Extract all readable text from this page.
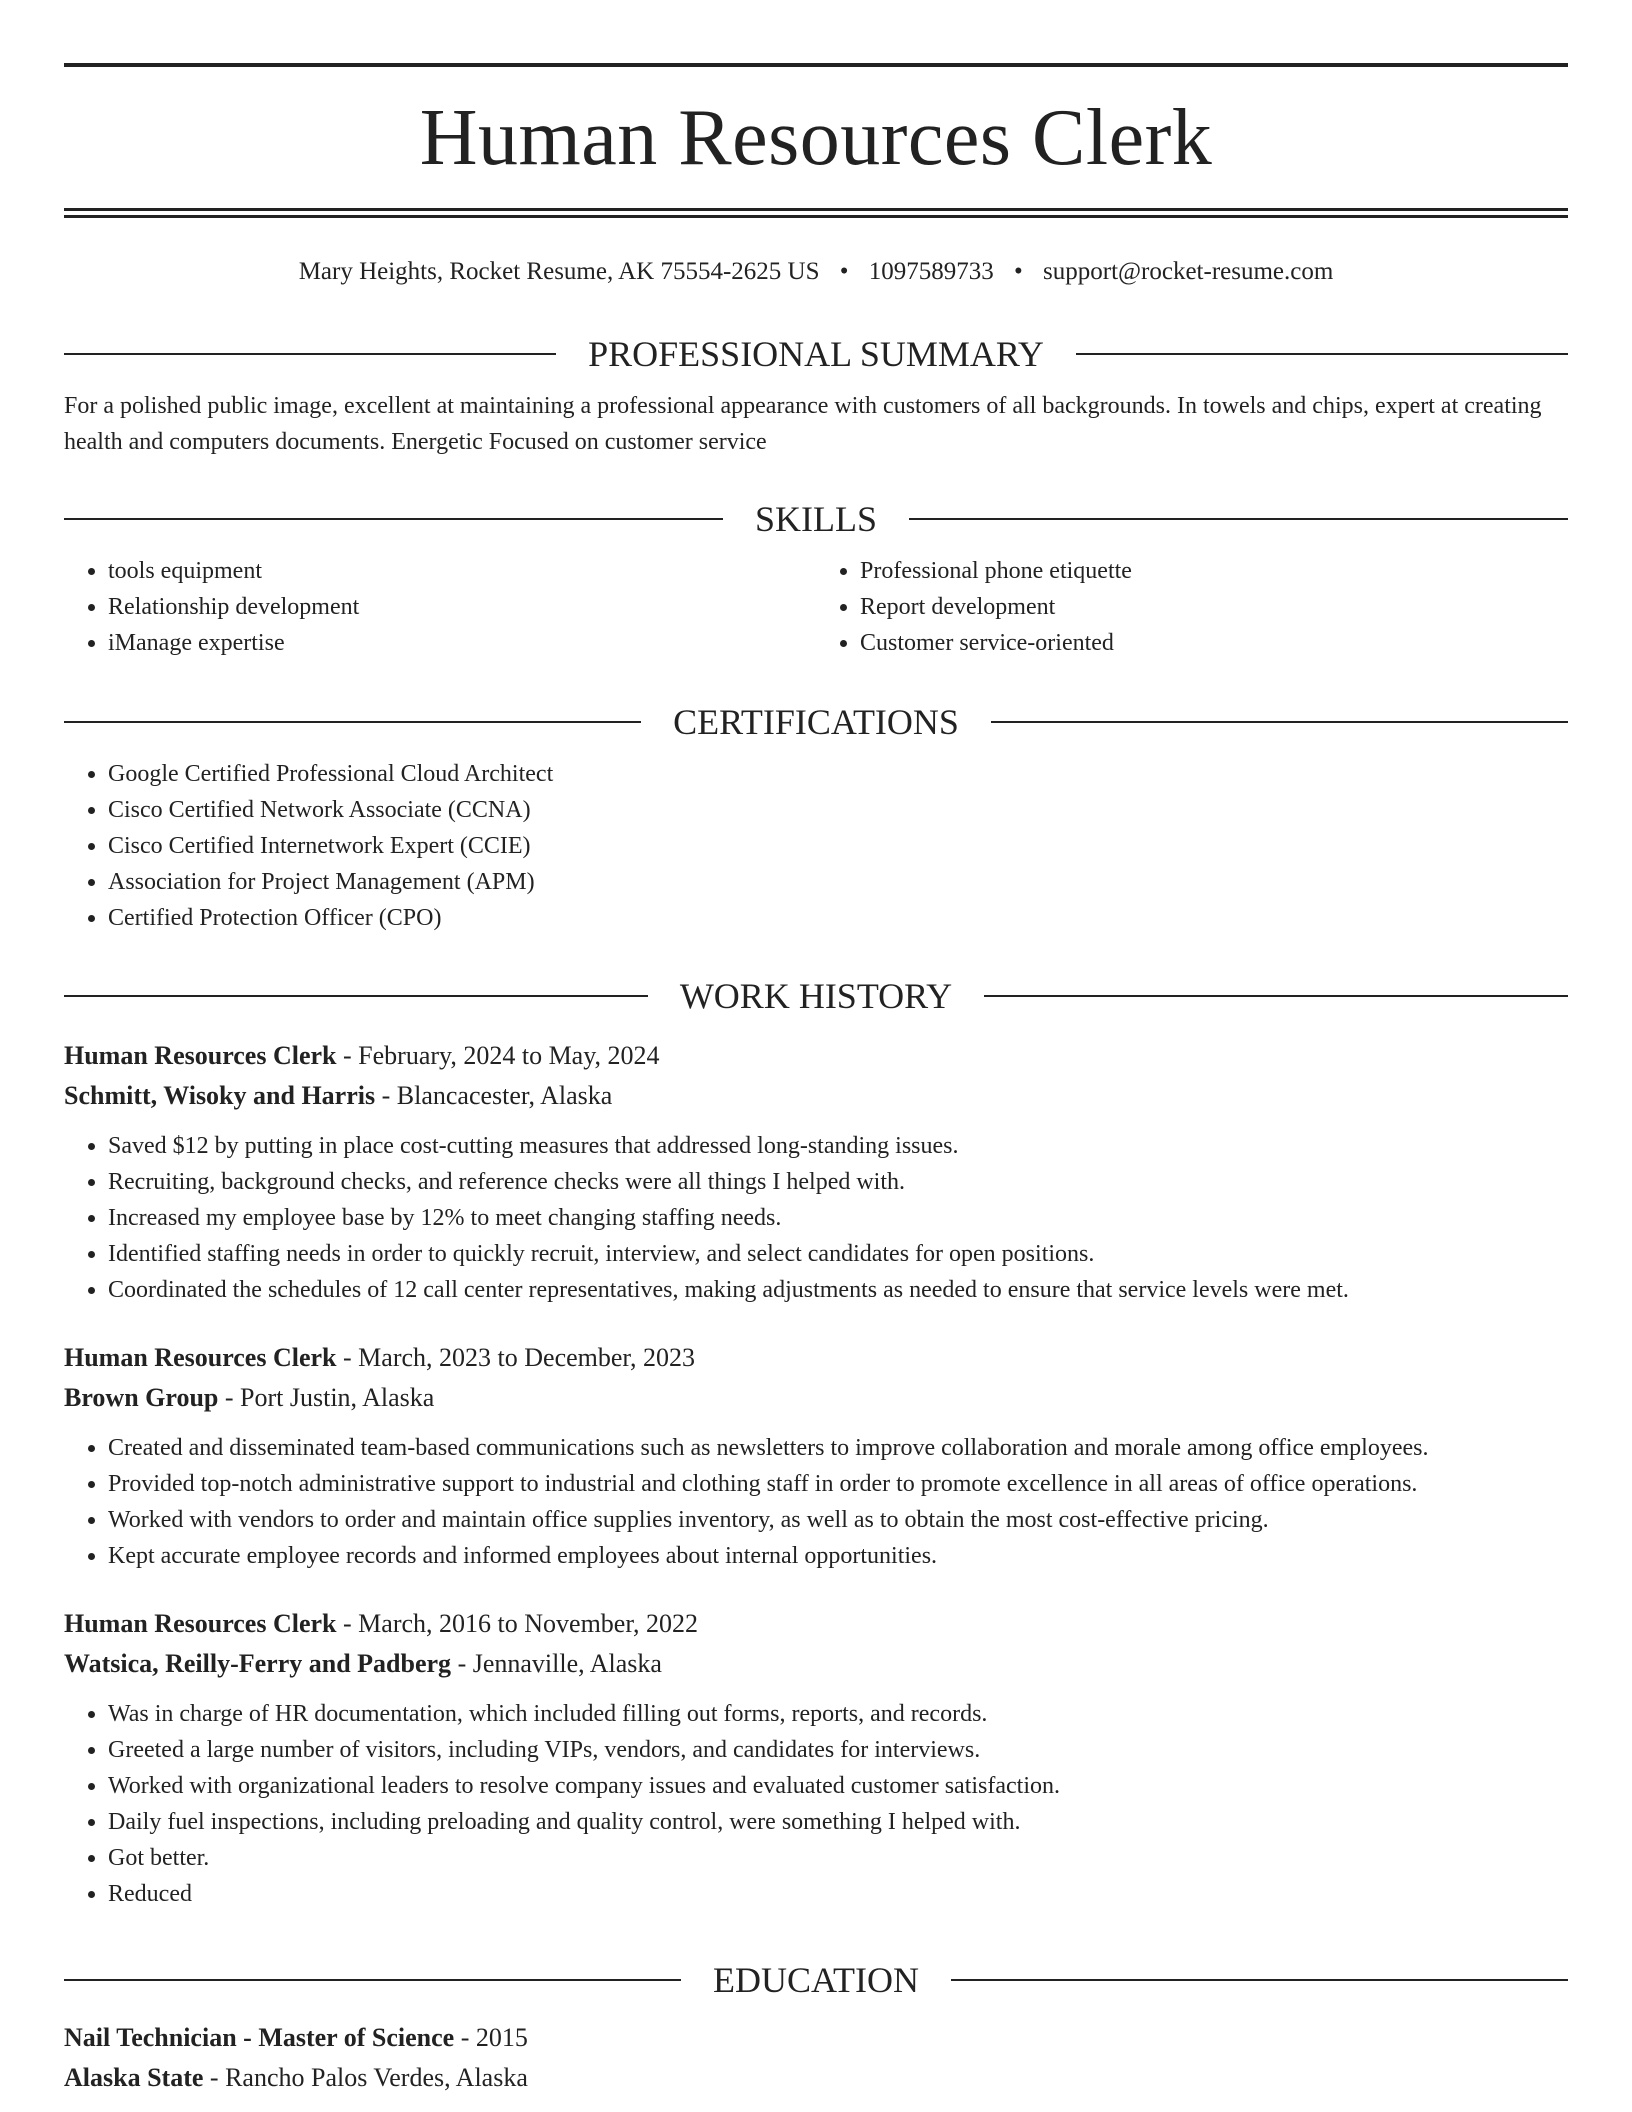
Human Resources Clerk
Mary Heights, Rocket Resume, AK 75554-2625 US • 1097589733 • support@rocket-resume.com
PROFESSIONAL SUMMARY
For a polished public image, excellent at maintaining a professional appearance with customers of all backgrounds. In towels and chips, expert at creating health and computers documents. Energetic Focused on customer service
SKILLS
• tools equipment
• Relationship development
• iManage expertise
• Professional phone etiquette
• Report development
• Customer service-oriented
CERTIFICATIONS
• Google Certified Professional Cloud Architect
• Cisco Certified Network Associate (CCNA)
• Cisco Certified Internetwork Expert (CCIE)
• Association for Project Management (APM)
• Certified Protection Officer (CPO)
WORK HISTORY
Human Resources Clerk - February, 2024 to May, 2024
Schmitt, Wisoky and Harris - Blancacester, Alaska
• Saved $12 by putting in place cost-cutting measures that addressed long-standing issues.
• Recruiting, background checks, and reference checks were all things I helped with.
• Increased my employee base by 12% to meet changing staffing needs.
• Identified staffing needs in order to quickly recruit, interview, and select candidates for open positions.
• Coordinated the schedules of 12 call center representatives, making adjustments as needed to ensure that service levels were met.
Human Resources Clerk - March, 2023 to December, 2023
Brown Group - Port Justin, Alaska
• Created and disseminated team-based communications such as newsletters to improve collaboration and morale among office employees.
• Provided top-notch administrative support to industrial and clothing staff in order to promote excellence in all areas of office operations.
• Worked with vendors to order and maintain office supplies inventory, as well as to obtain the most cost-effective pricing.
• Kept accurate employee records and informed employees about internal opportunities.
Human Resources Clerk - March, 2016 to November, 2022
Watsica, Reilly-Ferry and Padberg - Jennaville, Alaska
• Was in charge of HR documentation, which included filling out forms, reports, and records.
• Greeted a large number of visitors, including VIPs, vendors, and candidates for interviews.
• Worked with organizational leaders to resolve company issues and evaluated customer satisfaction.
• Daily fuel inspections, including preloading and quality control, were something I helped with.
• Got better.
• Reduced
EDUCATION
Nail Technician - Master of Science - 2015
Alaska State - Rancho Palos Verdes, Alaska
